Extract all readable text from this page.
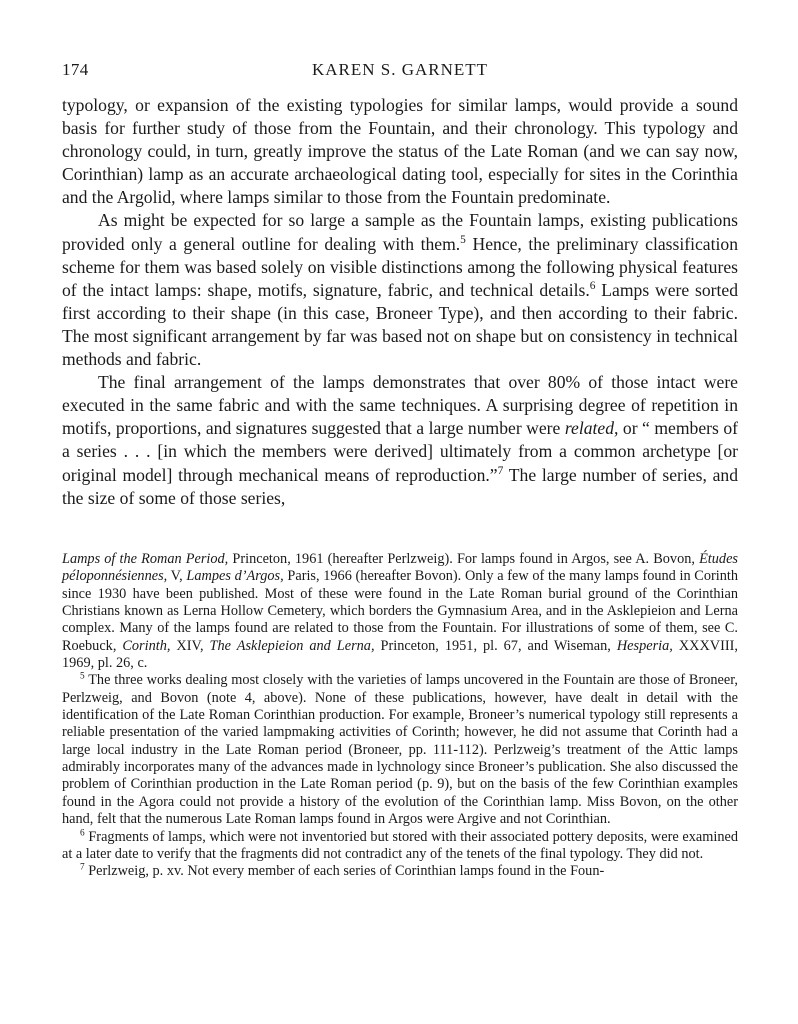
174	KAREN S. GARNETT

typology, or expansion of the existing typologies for similar lamps, would provide a sound basis for further study of those from the Fountain, and their chronology. This typology and chronology could, in turn, greatly improve the status of the Late Roman (and we can say now, Corinthian) lamp as an accurate archaeological dating tool, especially for sites in the Corinthia and the Argolid, where lamps similar to those from the Fountain predominate.

As might be expected for so large a sample as the Fountain lamps, existing publications provided only a general outline for dealing with them.$^5$ Hence, the preliminary classification scheme for them was based solely on visible distinctions among the following physical features of the intact lamps: shape, motifs, signature, fabric, and technical details.$^6$ Lamps were sorted first according to their shape (in this case, Broneer Type), and then according to their fabric. The most significant arrangement by far was based not on shape but on consistency in technical methods and fabric.

The final arrangement of the lamps demonstrates that over 80% of those intact were executed in the same fabric and with the same techniques. A surprising degree of repetition in motifs, proportions, and signatures suggested that a large number were related, or “ members of a series . . . [in which the members were derived] ultimately from a common archetype [or original model] through mechanical means of reproduction.”$^7$ The large number of series, and the size of some of those series,

Lamps of the Roman Period, Princeton, 1961 (hereafter Perlzweig). For lamps found in Argos, see A. Bovon, Études péloponnésiennes, V, Lampes d’Argos, Paris, 1966 (hereafter Bovon). Only a few of the many lamps found in Corinth since 1930 have been published. Most of these were found in the Late Roman burial ground of the Corinthian Christians known as Lerna Hollow Cemetery, which borders the Gymnasium Area, and in the Asklepieion and Lerna complex. Many of the lamps found are related to those from the Fountain. For illustrations of some of them, see C. Roebuck, Corinth, XIV, The Asklepieion and Lerna, Princeton, 1951, pl. 67, and Wiseman, Hesperia, XXXVIII, 1969, pl. 26, c.

$^5$ The three works dealing most closely with the varieties of lamps uncovered in the Fountain are those of Broneer, Perlzweig, and Bovon (note 4, above). None of these publications, however, have dealt in detail with the identification of the Late Roman Corinthian production. For example, Broneer’s numerical typology still represents a reliable presentation of the varied lampmaking activities of Corinth; however, he did not assume that Corinth had a large local industry in the Late Roman period (Broneer, pp. 111-112). Perlzweig’s treatment of the Attic lamps admirably incorporates many of the advances made in lychnology since Broneer’s publication. She also discussed the problem of Corinthian production in the Late Roman period (p. 9), but on the basis of the few Corinthian examples found in the Agora could not provide a history of the evolution of the Corinthian lamp. Miss Bovon, on the other hand, felt that the numerous Late Roman lamps found in Argos were Argive and not Corinthian.

$^6$ Fragments of lamps, which were not inventoried but stored with their associated pottery deposits, were examined at a later date to verify that the fragments did not contradict any of the tenets of the final typology. They did not.

$^7$ Perlzweig, p. xv. Not every member of each series of Corinthian lamps found in the Foun-
